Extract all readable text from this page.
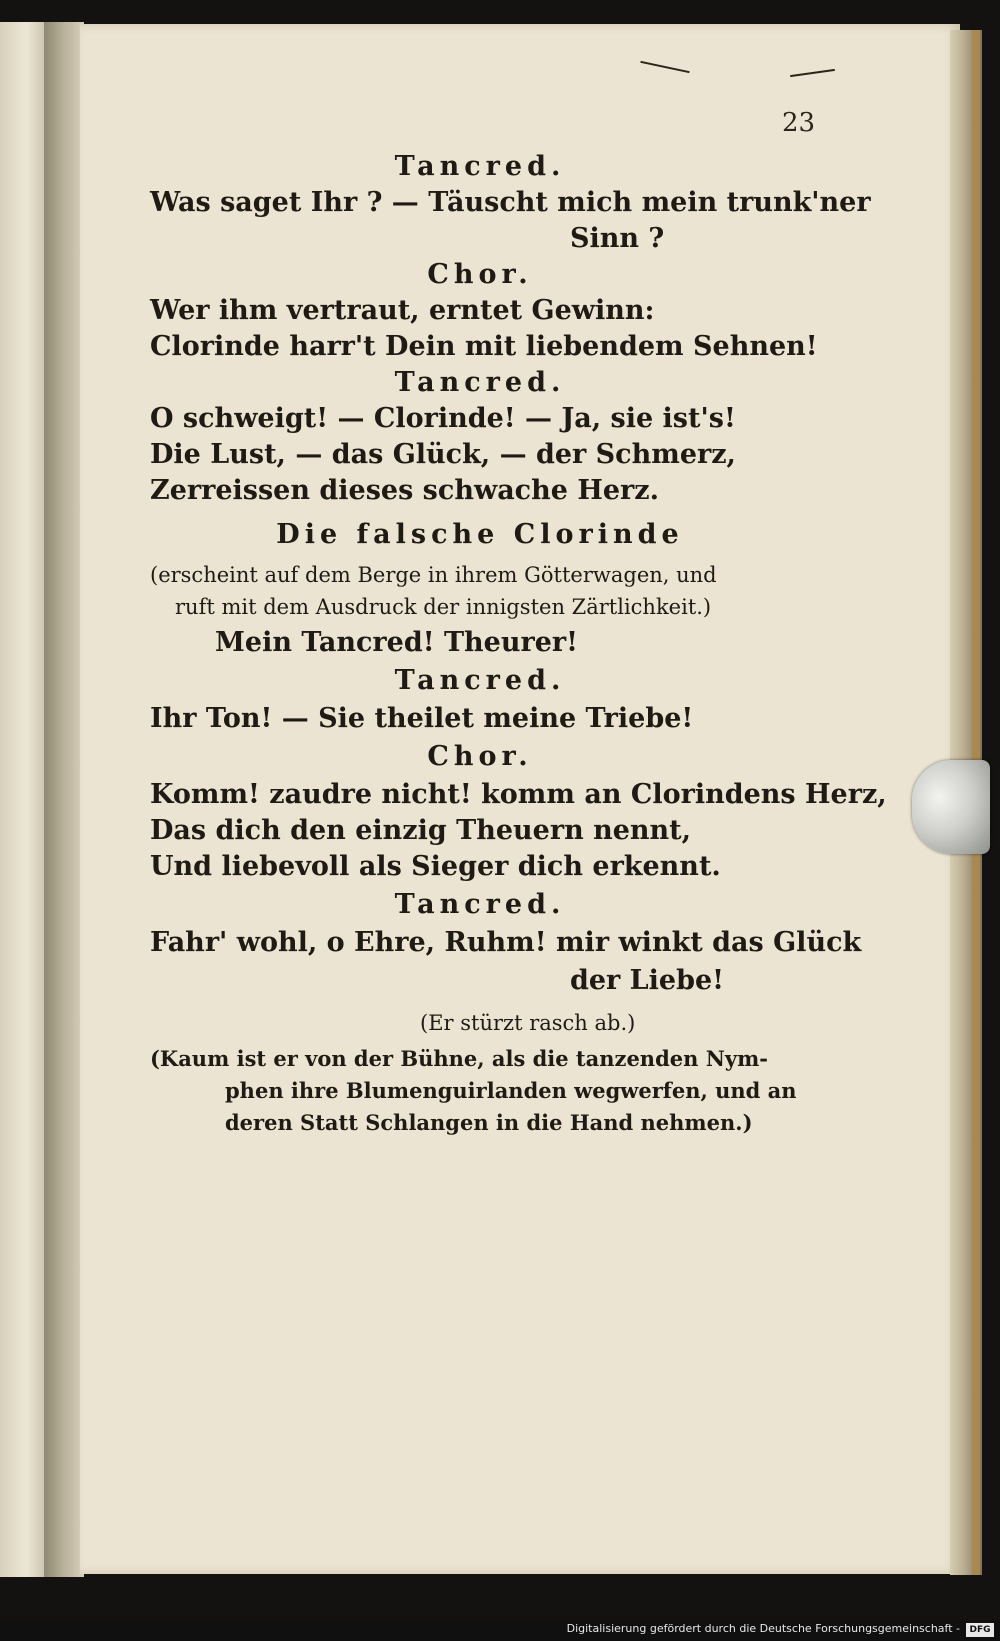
23
Tancred.
Was saget Ihr ? — Täuscht mich mein trunk'ner
Sinn ?
Chor.
Wer ihm vertraut, erntet Gewinn:
Clorinde harr't Dein mit liebendem Sehnen!
Tancred.
O schweigt! — Clorinde! — Ja, sie ist's!
Die Lust, — das Glück, — der Schmerz,
Zerreissen dieses schwache Herz.
Die falsche Clorinde
(erscheint auf dem Berge in ihrem Götterwagen, und
ruft mit dem Ausdruck der innigsten Zärtlichkeit.)
Mein Tancred! Theurer!
Tancred.
Ihr Ton! — Sie theilet meine Triebe!
Chor.
Komm! zaudre nicht! komm an Clorindens Herz,
Das dich den einzig Theuern nennt,
Und liebevoll als Sieger dich erkennt.
Tancred.
Fahr' wohl, o Ehre, Ruhm! mir winkt das Glück
der Liebe!
(Er stürzt rasch ab.)
(Kaum ist er von der Bühne, als die tanzenden Nym-
phen ihre Blumenguirlanden wegwerfen, und an
deren Statt Schlangen in die Hand nehmen.)
Digitalisierung gefördert durch die Deutsche Forschungsgemeinschaft -	DFG
